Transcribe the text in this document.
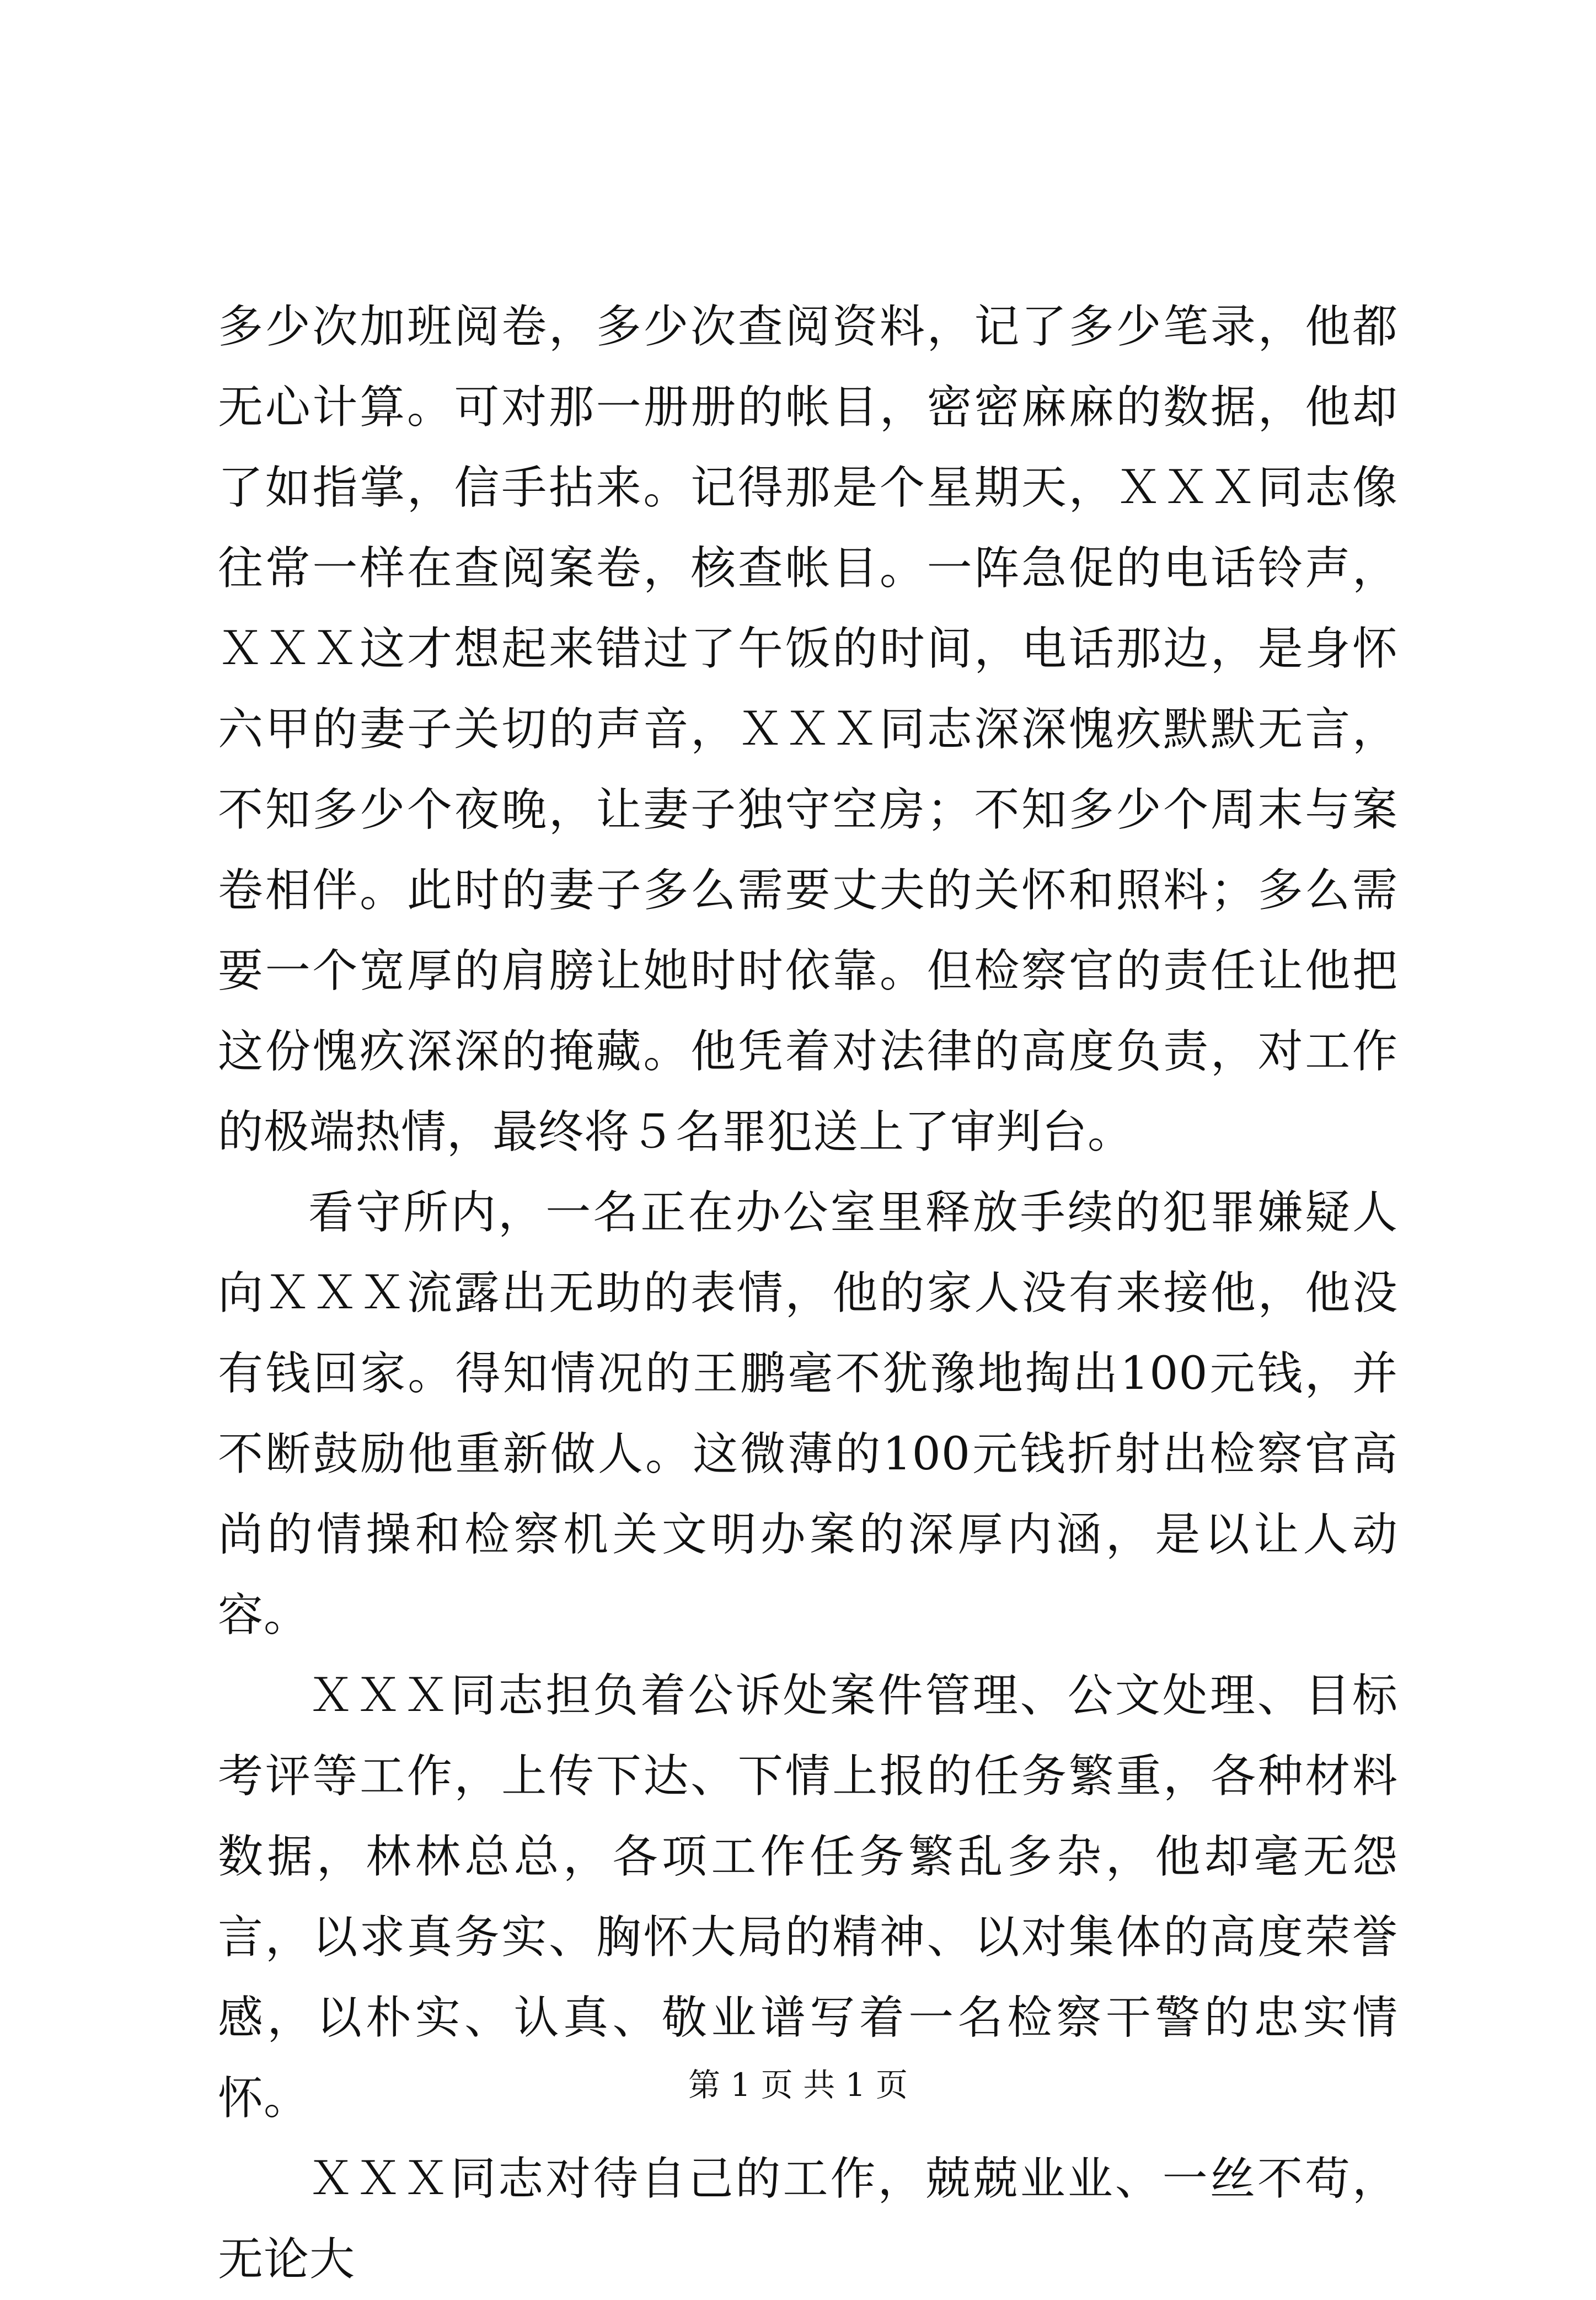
多少次加班阅卷，多少次查阅资料，记了多少笔录，他都无心计算。可对那一册册的帐目，密密麻麻的数据，他却了如指掌，信手拈来。记得那是个星期天，ＸＸＸ同志像往常一样在查阅案卷，核查帐目。一阵急促的电话铃声，ＸＸＸ这才想起来错过了午饭的时间，电话那边，是身怀六甲的妻子关切的声音，ＸＸＸ同志深深愧疚默默无言，不知多少个夜晚，让妻子独守空房；不知多少个周末与案卷相伴。此时的妻子多么需要丈夫的关怀和照料；多么需要一个宽厚的肩膀让她时时依靠。但检察官的责任让他把这份愧疚深深的掩藏。他凭着对法律的高度负责，对工作的极端热情，最终将５名罪犯送上了审判台。

看守所内，一名正在办公室里释放手续的犯罪嫌疑人向ＸＸＸ流露出无助的表情，他的家人没有来接他，他没有钱回家。得知情况的王鹏毫不犹豫地掏出100元钱，并不断鼓励他重新做人。这微薄的100元钱折射出检察官高尚的情操和检察机关文明办案的深厚内涵，是以让人动容。

ＸＸＸ同志担负着公诉处案件管理、公文处理、目标考评等工作，上传下达、下情上报的任务繁重，各种材料数据，林林总总，各项工作任务繁乱多杂，他却毫无怨言，以求真务实、胸怀大局的精神、以对集体的高度荣誉感，以朴实、认真、敬业谱写着一名检察干警的忠实情怀。

ＸＸＸ同志对待自己的工作，兢兢业业、一丝不苟，无论大

第 1 页 共 1 页
